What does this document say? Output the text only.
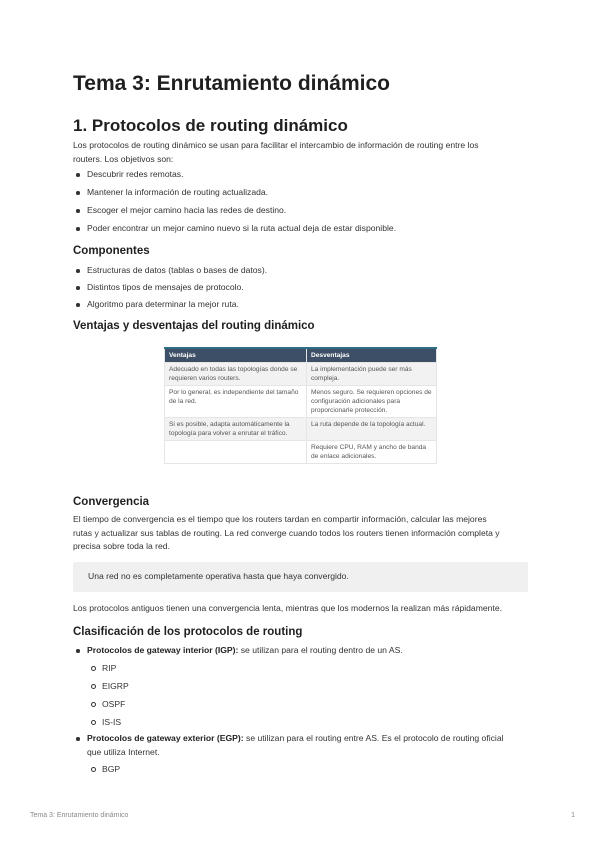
Tema 3: Enrutamiento dinámico
1. Protocolos de routing dinámico

Los protocolos de routing dinámico se usan para facilitar el intercambio de información de routing entre los
routers. Los objetivos son:

Descubrir redes remotas.
Mantener la información de routing actualizada.
Escoger el mejor camino hacia las redes de destino.
Poder encontrar un mejor camino nuevo si la ruta actual deja de estar disponible.
Componentes
Estructuras de datos (tablas o bases de datos).
Distintos tipos de mensajes de protocolo.
Algoritmo para determinar la mejor ruta.
Ventajas y desventajas del routing dinámico
Ventajas	Desventajas
Adecuado en todas las topologías donde se requieren varios routers.	La implementación puede ser más compleja.
Por lo general, es independiente del tamaño de la red.	Menos seguro. Se requieren opciones de configuración adicionales para proporcionarle protección.
Si es posible, adapta automáticamente la topología para volver a enrutar el tráfico.	La ruta depende de la topología actual.
	Requiere CPU, RAM y ancho de banda de enlace adicionales.
Convergencia

El tiempo de convergencia es el tiempo que los routers tardan en compartir información, calcular las mejores
rutas y actualizar sus tablas de routing. La red converge cuando todos los routers tienen información completa y
precisa sobre toda la red.

Una red no es completamente operativa hasta que haya convergido.

Los protocolos antiguos tienen una convergencia lenta, mientras que los modernos la realizan más rápidamente.

Clasificación de los protocolos de routing
Protocolos de gateway interior (IGP): se utilizan para el routing dentro de un AS.
RIP
EIGRP
OSPF
IS-IS
Protocolos de gateway exterior (EGP): se utilizan para el routing entre AS. Es el protocolo de routing oficial
que utiliza Internet.
BGP
Tema 3: Enrutamiento dinámico	1
